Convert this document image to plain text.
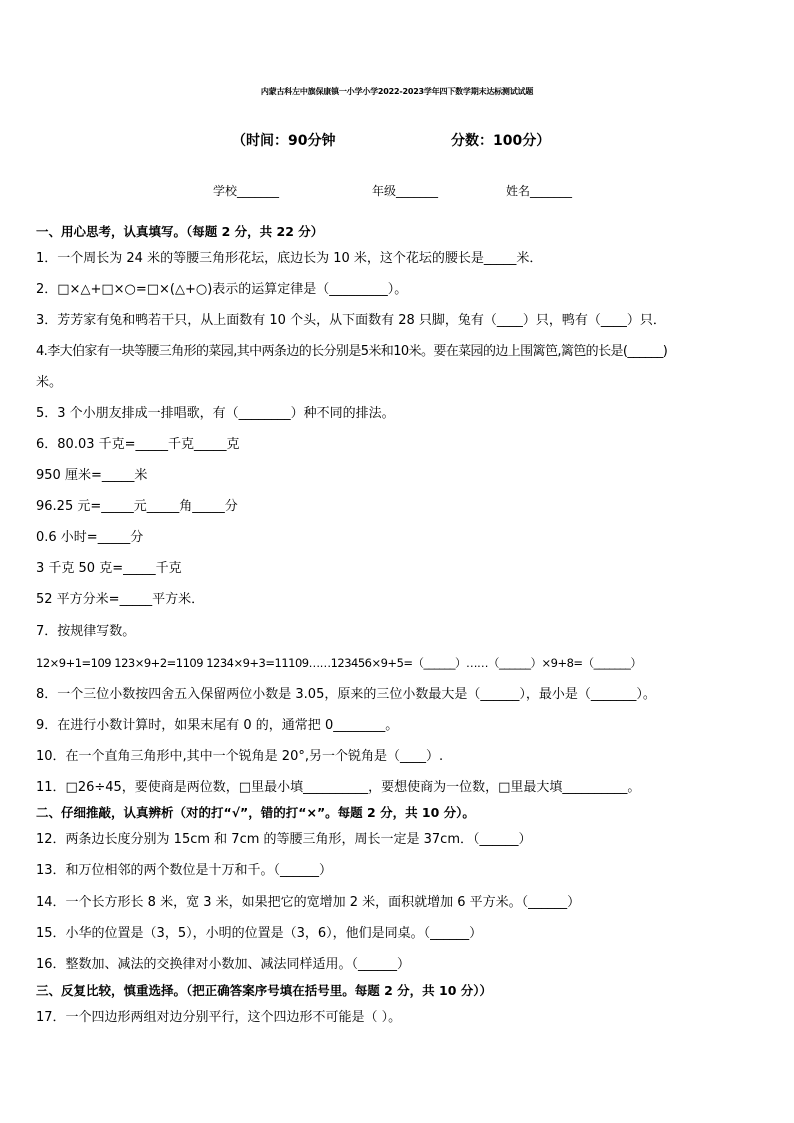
内蒙古科左中旗保康镇一小学小学2022-2023学年四下数学期末达标测试试题
（时间：90分钟	分数：100分）
学校_______	年级_______	姓名_______
一、用心思考，认真填写。（每题 2 分，共 22 分）
1．一个周长为 24 米的等腰三角形花坛，底边长为 10 米，这个花坛的腰长是_____米．
2．□×△+□×○=□×(△+○)表示的运算定律是（_________）。
3．芳芳家有兔和鸭若干只，从上面数有 10 个头，从下面数有 28 只脚，兔有（____）只，鸭有（____）只．
4.李大伯家有一块等腰三角形的菜园,其中两条边的长分别是5米和10米。要在菜园的边上围篱笆,篱笆的长是(______)
米。
5．3 个小朋友排成一排唱歌，有（________）种不同的排法。
6．80.03 千克=_____千克_____克
950 厘米=_____米
96.25 元=_____元_____角_____分
0.6 小时=_____分
3 千克 50 克=_____千克
52 平方分米=_____平方米．
7．按规律写数。
12×9+1=109 123×9+2=1109 1234×9+3=11109……123456×9+5=（______）……（______）×9+8=（_______）
8．一个三位小数按四舍五入保留两位小数是 3.05，原来的三位小数最大是（______），最小是（_______）。
9．在进行小数计算时，如果末尾有 0 的，通常把 0________。
10．在一个直角三角形中,其中一个锐角是 20°,另一个锐角是（____）.
11．□26÷45，要使商是两位数，□里最小填__________，要想使商为一位数，□里最大填__________。
二、仔细推敲，认真辨析（对的打“√”，错的打“×”。每题 2 分，共 10 分）。
12．两条边长度分别为 15cm 和 7cm 的等腰三角形，周长一定是 37cm．（______）
13．和万位相邻的两个数位是十万和千。（______）
14．一个长方形长 8 米，宽 3 米，如果把它的宽增加 2 米，面积就增加 6 平方米。（______）
15．小华的位置是（3，5），小明的位置是（3，6），他们是同桌。（______）
16．整数加、减法的交换律对小数加、减法同样适用。（______）
三、反复比较，慎重选择。（把正确答案序号填在括号里。每题 2 分，共 10 分））
17．一个四边形两组对边分别平行，这个四边形不可能是（ ）。
